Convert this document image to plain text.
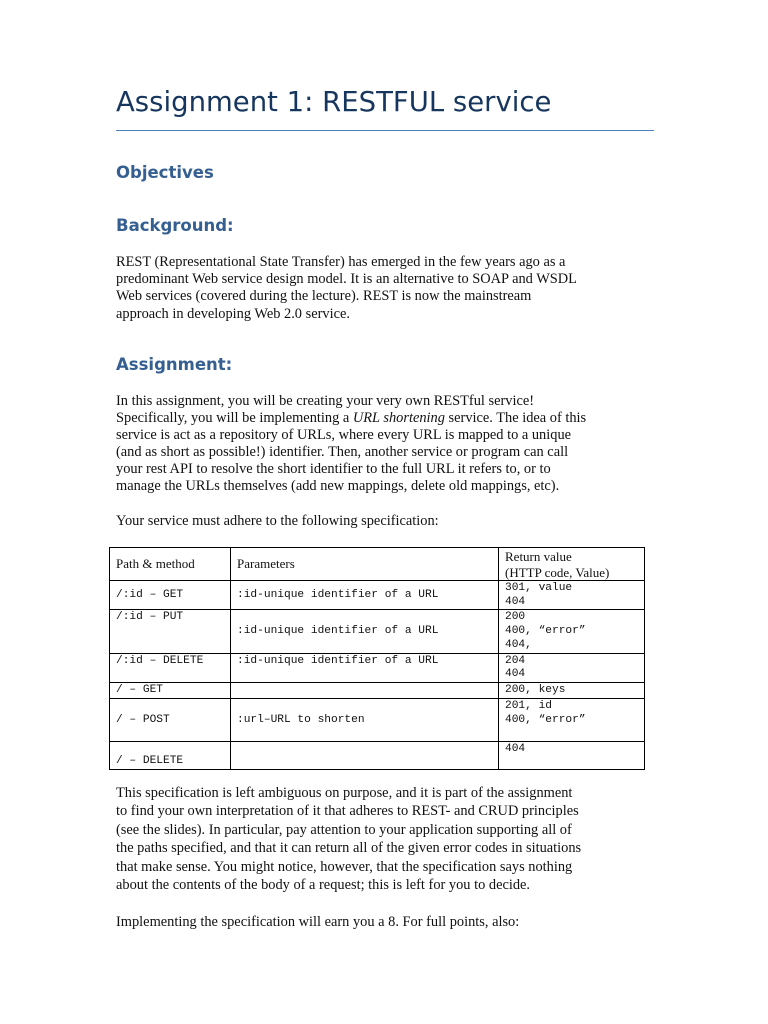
Assignment 1: RESTFUL service
Objectives
Background:

REST (Representational State Transfer) has emerged in the few years ago as a
predominant Web service design model. It is an alternative to SOAP and WSDL
Web services (covered during the lecture). REST is now the mainstream
approach in developing Web 2.0 service.

Assignment:

In this assignment, you will be creating your very own RESTful service!
Specifically, you will be implementing a URL shortening service. The idea of this
service is act as a repository of URLs, where every URL is mapped to a unique
(and as short as possible!) identifier. Then, another service or program can call
your rest API to resolve the short identifier to the full URL it refers to, or to
manage the URLs themselves (add new mappings, delete old mappings, etc).

Your service must adhere to the following specification:

Path & method	Parameters	Return value
(HTTP code, Value)

/:id – GET	:id-unique identifier of a URL	301, value
404

/:id – PUT	:id-unique identifier of a URL	200
400, “error”
404,

/:id – DELETE	:id-unique identifier of a URL	204
404

/ – GET		200, keys

/ – POST	:url–URL to shorten	201, id
400, “error”

/ – DELETE		404

This specification is left ambiguous on purpose, and it is part of the assignment
to find your own interpretation of it that adheres to REST- and CRUD principles
(see the slides). In particular, pay attention to your application supporting all of
the paths specified, and that it can return all of the given error codes in situations
that make sense. You might notice, however, that the specification says nothing
about the contents of the body of a request; this is left for you to decide.

Implementing the specification will earn you a 8. For full points, also:
